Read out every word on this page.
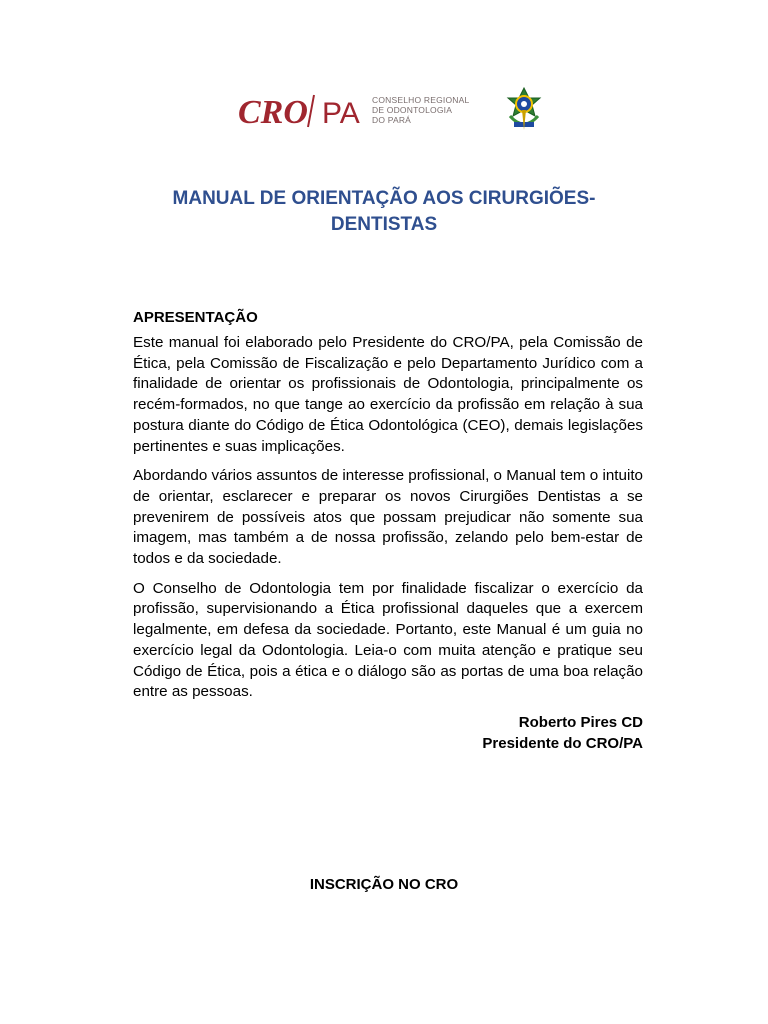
CRO PA CONSELHO REGIONAL
DE ODONTOLOGIA
DO PARÁ
MANUAL DE ORIENTAÇÃO AOS CIRURGIÕES-
DENTISTAS

APRESENTAÇÃO

Este manual foi elaborado pelo Presidente do CRO/PA, pela Comissão de Ética, pela Comissão de Fiscalização e pelo Departamento Jurídico com a finalidade de orientar os profissionais de Odontologia, principalmente os recém-formados, no que tange ao exercício da profissão em relação à sua postura diante do Código de Ética Odontológica (CEO), demais legislações pertinentes e suas implicações.

Abordando vários assuntos de interesse profissional, o Manual tem o intuito de orientar, esclarecer e preparar os novos Cirurgiões Dentistas a se prevenirem de possíveis atos que possam prejudicar não somente sua imagem, mas também a de nossa profissão, zelando pelo bem-estar de todos e da sociedade.

O Conselho de Odontologia tem por finalidade fiscalizar o exercício da profissão, supervisionando a Ética profissional daqueles que a exercem legalmente, em defesa da sociedade. Portanto, este Manual é um guia no exercício legal da Odontologia. Leia-o com muita atenção e pratique seu Código de Ética, pois a ética e o diálogo são as portas de uma boa relação entre as pessoas.

Roberto Pires CD
Presidente do CRO/PA
INSCRIÇÃO NO CRO
